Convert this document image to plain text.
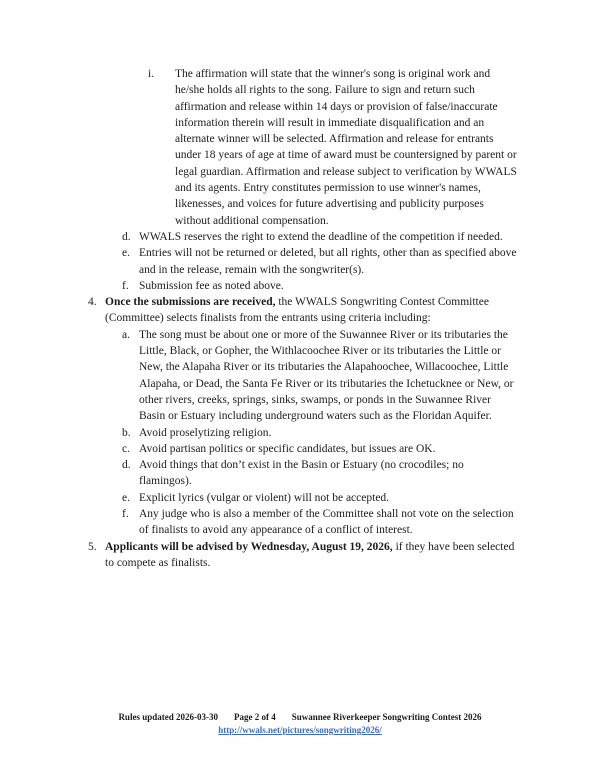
i.	The affirmation will state that the winner's song is original work and
he/she holds all rights to the song. Failure to sign and return such
affirmation and release within 14 days or provision of false/inaccurate
information therein will result in immediate disqualification and an
alternate winner will be selected. Affirmation and release for entrants
under 18 years of age at time of award must be countersigned by parent or
legal guardian. Affirmation and release subject to verification by WWALS
and its agents. Entry constitutes permission to use winner's names,
likenesses, and voices for future advertising and publicity purposes
without additional compensation.
d. WWALS reserves the right to extend the deadline of the competition if needed.
e. Entries will not be returned or deleted, but all rights, other than as specified above
and in the release, remain with the songwriter(s).
f. Submission fee as noted above.
4. Once the submissions are received, the WWALS Songwriting Contest Committee
(Committee) selects finalists from the entrants using criteria including:
a. The song must be about one or more of the Suwannee River or its tributaries the
Little, Black, or Gopher, the Withlacoochee River or its tributaries the Little or
New, the Alapaha River or its tributaries the Alapahoochee, Willacoochee, Little
Alapaha, or Dead, the Santa Fe River or its tributaries the Ichetucknee or New, or
other rivers, creeks, springs, sinks, swamps, or ponds in the Suwannee River
Basin or Estuary including underground waters such as the Floridan Aquifer.
b. Avoid proselytizing religion.
c. Avoid partisan politics or specific candidates, but issues are OK.
d. Avoid things that don’t exist in the Basin or Estuary (no crocodiles; no
flamingos).
e. Explicit lyrics (vulgar or violent) will not be accepted.
f. Any judge who is also a member of the Committee shall not vote on the selection
of finalists to avoid any appearance of a conflict of interest.
5. Applicants will be advised by Wednesday, August 19, 2026, if they have been selected
to compete as finalists.
Rules updated 2026-03-30 Page 2 of 4 Suwannee Riverkeeper Songwriting Contest 2026
http://wwals.net/pictures/songwriting2026/
